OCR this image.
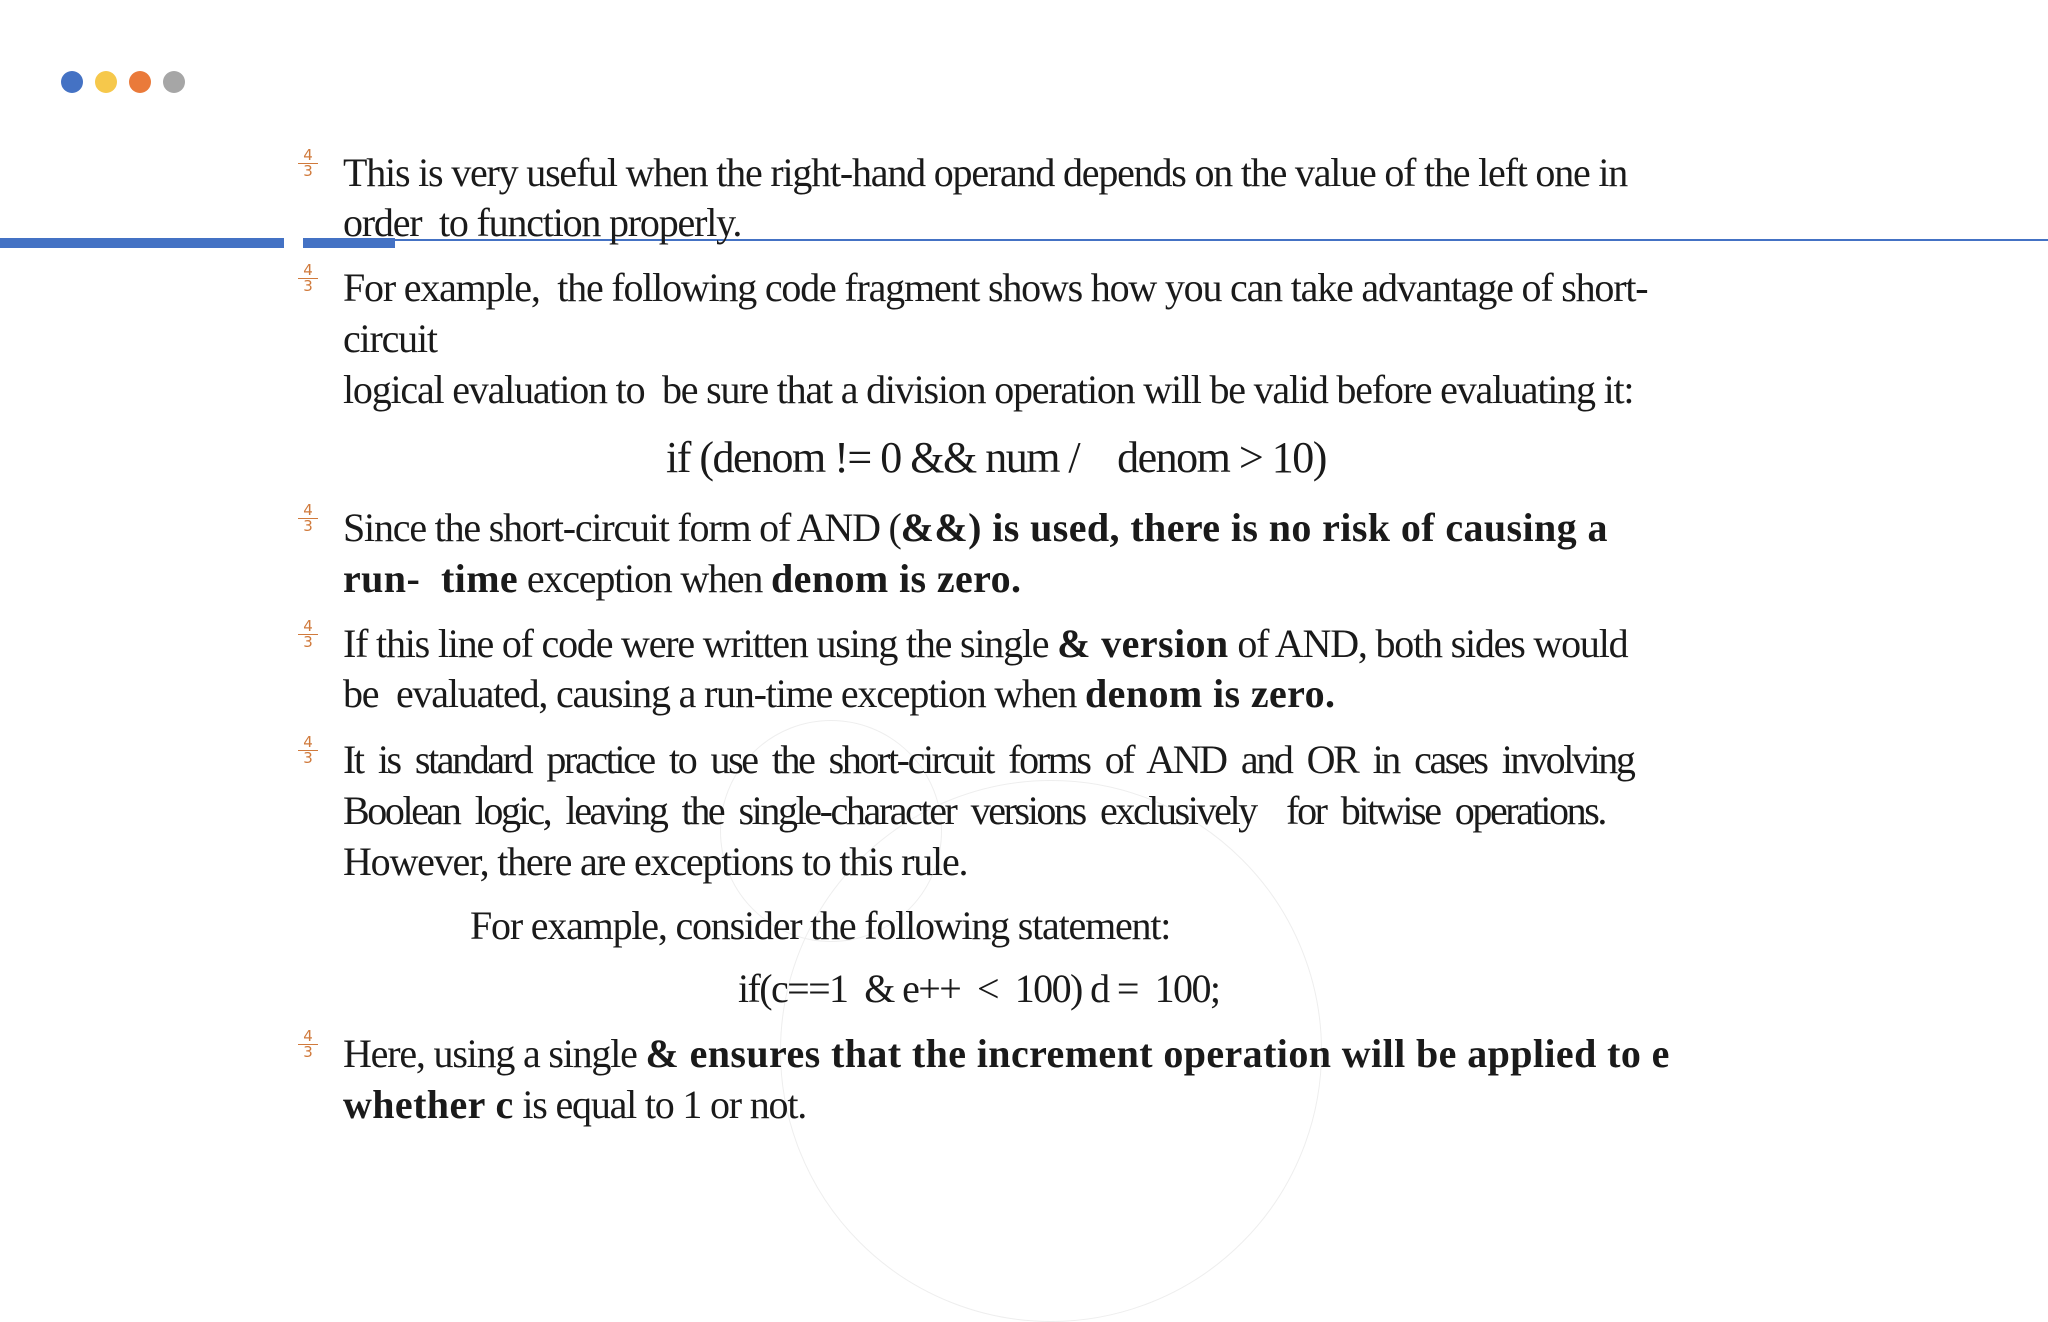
$\frac{4}{3}$ This is very useful when the right-hand operand depends on the value of the left one in
order  to function properly.
$\frac{4}{3}$ For example,  the following code fragment shows how you can take advantage of short-
circuit
logical evaluation to  be sure that a division operation will be valid before evaluating it:
if (denom != 0 && num /    denom > 10)
$\frac{4}{3}$ Since the short-circuit form of AND (&&) is used, there is no risk of causing a
run-  time exception when denom is zero.
$\frac{4}{3}$ If this line of code were written using the single & version of AND, both sides would
be  evaluated, causing a run-time exception when denom is zero.
$\frac{4}{3}$ It  is  standard  practice  to  use  the  short-circuit  forms  of  AND  and  OR  in  cases  involving
Boolean  logic,  leaving  the  single-character  versions  exclusively    for  bitwise  operations.
However, there are exceptions to this rule.
For example, consider the following statement:
if(c==1  & e++  <  100) d =  100;
$\frac{4}{3}$ Here, using a single & ensures that the increment operation will be applied to e
whether c is equal to 1 or not.
